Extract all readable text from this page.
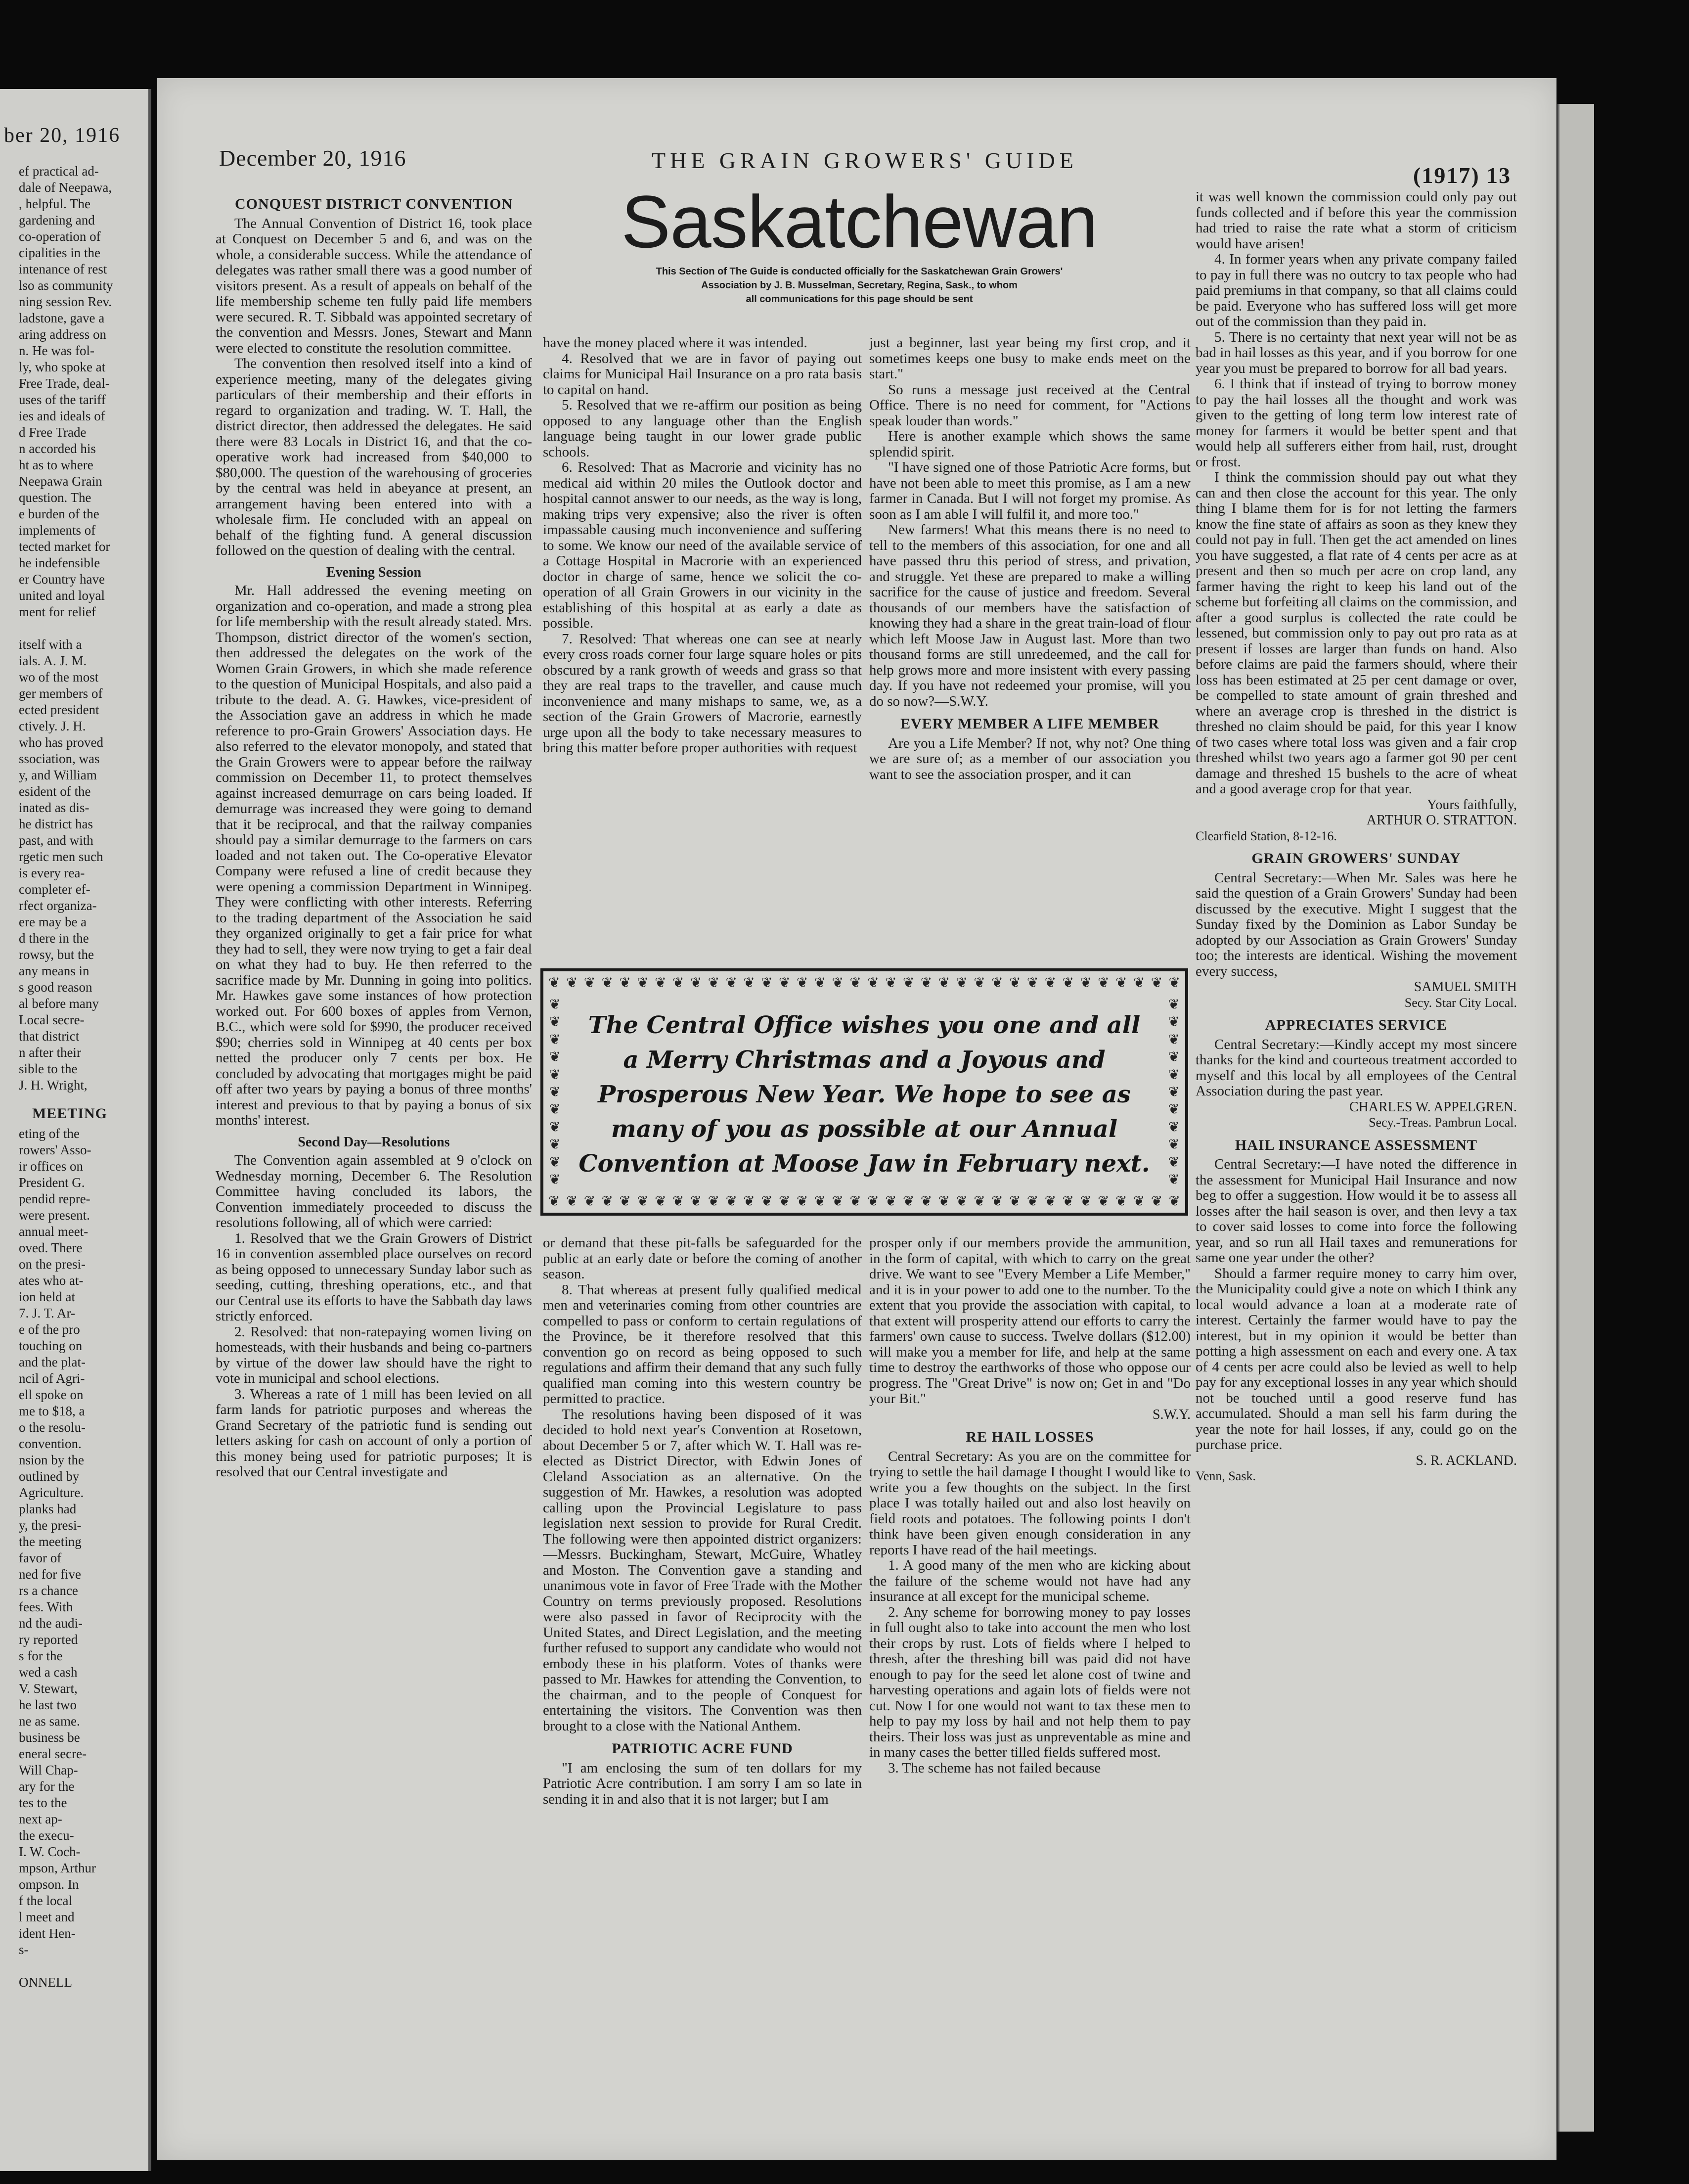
ber 20, 1916

ef practical ad-

dale of Neepawa,

, helpful. The

gardening and

co-operation of

cipalities in the

intenance of rest

lso as community

ning session Rev.

ladstone, gave a

aring address on

n. He was fol-

ly, who spoke at

Free Trade, deal-

uses of the tariff

ies and ideals of

d Free Trade

n accorded his

ht as to where

Neepawa Grain

question. The

e burden of the

implements of

tected market for

he indefensible

er Country have

united and loyal

ment for relief

itself with a

ials. A. J. M.

wo of the most

ger members of

ected president

ctively. J. H.

who has proved

ssociation, was

y, and William

esident of the

inated as dis-

he district has

past, and with

rgetic men such

is every rea-

completer ef-

rfect organiza-

ere may be a

d there in the

rowsy, but the

any means in

s good reason

al before many

Local secre-

that district

n after their

sible to the

J. H. Wright,

MEETING

eting of the

rowers' Asso-

ir offices on

President G.

pendid repre-

were present.

annual meet-

oved. There

on the presi-

ates who at-

ion held at

7. J. T. Ar-

e of the pro

touching on

and the plat-

ncil of Agri-

ell spoke on

me to $18, a

o the resolu-

convention.

nsion by the

outlined by

Agriculture.

planks had

y, the presi-

the meeting

favor of

ned for five

rs a chance

fees. With

nd the audi-

ry reported

s for the

wed a cash

V. Stewart,

he last two

ne as same.

business be

eneral secre-

Will Chap-

ary for the

tes to the

next ap-

the execu-

I. W. Coch-

mpson, Arthur

ompson. In

f the local

l meet and

ident Hen-

s-

ONNELL

December 20, 1916	THE GRAIN GROWERS' GUIDE
(1917) 13
Saskatchewan
This Section of The Guide is conducted officially for the Saskatchewan Grain Growers'
Association by J. B. Musselman, Secretary, Regina, Sask., to whom
all communications for this page should be sent

CONQUEST DISTRICT CONVENTION

The Annual Convention of District 16, took place at Conquest on December 5 and 6, and was on the whole, a considerable success. While the attendance of delegates was rather small there was a good number of visitors present. As a result of appeals on behalf of the life membership scheme ten fully paid life members were secured. R. T. Sibbald was appointed secretary of the convention and Messrs. Jones, Stewart and Mann were elected to constitute the resolution committee.

The convention then resolved itself into a kind of experience meeting, many of the delegates giving particulars of their membership and their efforts in regard to organization and trading. W. T. Hall, the district director, then addressed the delegates. He said there were 83 Locals in District 16, and that the co-operative work had increased from $40,000 to $80,000. The question of the warehousing of groceries by the central was held in abeyance at present, an arrangement having been entered into with a wholesale firm. He concluded with an appeal on behalf of the fighting fund. A general discussion followed on the question of dealing with the central.

Evening Session

Mr. Hall addressed the evening meeting on organization and co-operation, and made a strong plea for life membership with the result already stated. Mrs. Thompson, district director of the women's section, then addressed the delegates on the work of the Women Grain Growers, in which she made reference to the question of Municipal Hospitals, and also paid a tribute to the dead. A. G. Hawkes, vice-president of the Association gave an address in which he made reference to pro-Grain Growers' Association days. He also referred to the elevator monopoly, and stated that the Grain Growers were to appear before the railway commission on December 11, to protect themselves against increased demurrage on cars being loaded. If demurrage was increased they were going to demand that it be reciprocal, and that the railway companies should pay a similar demurrage to the farmers on cars loaded and not taken out. The Co-operative Elevator Company were refused a line of credit because they were opening a commission Department in Winnipeg. They were conflicting with other interests. Referring to the trading department of the Association he said they organized originally to get a fair price for what they had to sell, they were now trying to get a fair deal on what they had to buy. He then referred to the sacrifice made by Mr. Dunning in going into politics. Mr. Hawkes gave some instances of how protection worked out. For 600 boxes of apples from Vernon, B.C., which were sold for $990, the producer received $90; cherries sold in Winnipeg at 40 cents per box netted the producer only 7 cents per box. He concluded by advocating that mortgages might be paid off after two years by paying a bonus of three months' interest and previous to that by paying a bonus of six months' interest.

Second Day—Resolutions

The Convention again assembled at 9 o'clock on Wednesday morning, December 6. The Resolution Committee having concluded its labors, the Convention immediately proceeded to discuss the resolutions following, all of which were carried:

1. Resolved that we the Grain Growers of District 16 in convention assembled place ourselves on record as being opposed to unnecessary Sunday labor such as seeding, cutting, threshing operations, etc., and that our Central use its efforts to have the Sabbath day laws strictly enforced.

2. Resolved: that non-ratepaying women living on homesteads, with their husbands and being co-partners by virtue of the dower law should have the right to vote in municipal and school elections.

3. Whereas a rate of 1 mill has been levied on all farm lands for patriotic purposes and whereas the Grand Secretary of the patriotic fund is sending out letters asking for cash on account of only a portion of this money being used for patriotic purposes; It is resolved that our Central investigate and

have the money placed where it was intended.

4. Resolved that we are in favor of paying out claims for Municipal Hail Insurance on a pro rata basis to capital on hand.

5. Resolved that we re-affirm our position as being opposed to any language other than the English language being taught in our lower grade public schools.

6. Resolved: That as Macrorie and vicinity has no medical aid within 20 miles the Outlook doctor and hospital cannot answer to our needs, as the way is long, making trips very expensive; also the river is often impassable causing much inconvenience and suffering to some. We know our need of the available service of a Cottage Hospital in Macrorie with an experienced doctor in charge of same, hence we solicit the co-operation of all Grain Growers in our vicinity in the establishing of this hospital at as early a date as possible.

7. Resolved: That whereas one can see at nearly every cross roads corner four large square holes or pits obscured by a rank growth of weeds and grass so that they are real traps to the traveller, and cause much inconvenience and many mishaps to same, we, as a section of the Grain Growers of Macrorie, earnestly urge upon all the body to take necessary measures to bring this matter before proper authorities with request

just a beginner, last year being my first crop, and it sometimes keeps one busy to make ends meet on the start."

So runs a message just received at the Central Office. There is no need for comment, for "Actions speak louder than words."

Here is another example which shows the same splendid spirit.

"I have signed one of those Patriotic Acre forms, but have not been able to meet this promise, as I am a new farmer in Canada. But I will not forget my promise. As soon as I am able I will fulfil it, and more too."

New farmers! What this means there is no need to tell to the members of this association, for one and all have passed thru this period of stress, and privation, and struggle. Yet these are prepared to make a willing sacrifice for the cause of justice and freedom. Several thousands of our members have the satisfaction of knowing they had a share in the great train-load of flour which left Moose Jaw in August last. More than two thousand forms are still unredeemed, and the call for help grows more and more insistent with every passing day. If you have not redeemed your promise, will you do so now?—S.W.Y.

EVERY MEMBER A LIFE MEMBER

Are you a Life Member? If not, why not? One thing we are sure of; as a member of our association you want to see the association prosper, and it can

❦ ❦ ❦ ❦ ❦ ❦ ❦ ❦ ❦ ❦ ❦ ❦ ❦ ❦ ❦ ❦ ❦ ❦ ❦ ❦ ❦ ❦ ❦ ❦ ❦ ❦ ❦ ❦ ❦ ❦ ❦ ❦ ❦ ❦ ❦ ❦
❦ ❦ ❦ ❦ ❦ ❦ ❦ ❦ ❦ ❦ ❦ ❦ ❦ ❦ ❦ ❦ ❦ ❦ ❦ ❦ ❦ ❦ ❦ ❦ ❦ ❦ ❦ ❦ ❦ ❦ ❦ ❦ ❦ ❦ ❦ ❦
❦
❦
❦
❦
❦
❦
❦
❦
❦
❦
❦
❦
❦
❦
❦
❦
❦
❦
❦
❦
❦
❦
The Central Office wishes you one and all a Merry Christmas and a Joyous and Prosperous New Year. We hope to see as many of you as possible at our Annual Convention at Moose Jaw in February next.

or demand that these pit-falls be safeguarded for the public at an early date or before the coming of another season.

8. That whereas at present fully qualified medical men and veterinaries coming from other countries are compelled to pass or conform to certain regulations of the Province, be it therefore resolved that this convention go on record as being opposed to such regulations and affirm their demand that any such fully qualified man coming into this western country be permitted to practice.

The resolutions having been disposed of it was decided to hold next year's Convention at Rosetown, about December 5 or 7, after which W. T. Hall was re-elected as District Director, with Edwin Jones of Cleland Association as an alternative. On the suggestion of Mr. Hawkes, a resolution was adopted calling upon the Provincial Legislature to pass legislation next session to provide for Rural Credit. The following were then appointed district organizers:—Messrs. Buckingham, Stewart, McGuire, Whatley and Moston. The Convention gave a standing and unanimous vote in favor of Free Trade with the Mother Country on terms previously proposed. Resolutions were also passed in favor of Reciprocity with the United States, and Direct Legislation, and the meeting further refused to support any candidate who would not embody these in his platform. Votes of thanks were passed to Mr. Hawkes for attending the Convention, to the chairman, and to the people of Conquest for entertaining the visitors. The Convention was then brought to a close with the National Anthem.

PATRIOTIC ACRE FUND

"I am enclosing the sum of ten dollars for my Patriotic Acre contribution. I am sorry I am so late in sending it in and also that it is not larger; but I am

prosper only if our members provide the ammunition, in the form of capital, with which to carry on the great drive. We want to see "Every Member a Life Member," and it is in your power to add one to the number. To the extent that you provide the association with capital, to that extent will prosperity attend our efforts to carry the farmers' own cause to success. Twelve dollars ($12.00) will make you a member for life, and help at the same time to destroy the earthworks of those who oppose our progress. The "Great Drive" is now on; Get in and "Do your Bit."

S.W.Y.

RE HAIL LOSSES

Central Secretary: As you are on the committee for trying to settle the hail damage I thought I would like to write you a few thoughts on the subject. In the first place I was totally hailed out and also lost heavily on field roots and potatoes. The following points I don't think have been given enough consideration in any reports I have read of the hail meetings.

1. A good many of the men who are kicking about the failure of the scheme would not have had any insurance at all except for the municipal scheme.

2. Any scheme for borrowing money to pay losses in full ought also to take into account the men who lost their crops by rust. Lots of fields where I helped to thresh, after the threshing bill was paid did not have enough to pay for the seed let alone cost of twine and harvesting operations and again lots of fields were not cut. Now I for one would not want to tax these men to help to pay my loss by hail and not help them to pay theirs. Their loss was just as unpreventable as mine and in many cases the better tilled fields suffered most.

3. The scheme has not failed because

it was well known the commission could only pay out funds collected and if before this year the commission had tried to raise the rate what a storm of criticism would have arisen!

4. In former years when any private company failed to pay in full there was no outcry to tax people who had paid premiums in that company, so that all claims could be paid. Everyone who has suffered loss will get more out of the commission than they paid in.

5. There is no certainty that next year will not be as bad in hail losses as this year, and if you borrow for one year you must be prepared to borrow for all bad years.

6. I think that if instead of trying to borrow money to pay the hail losses all the thought and work was given to the getting of long term low interest rate of money for farmers it would be better spent and that would help all sufferers either from hail, rust, drought or frost.

I think the commission should pay out what they can and then close the account for this year. The only thing I blame them for is for not letting the farmers know the fine state of affairs as soon as they knew they could not pay in full. Then get the act amended on lines you have suggested, a flat rate of 4 cents per acre as at present and then so much per acre on crop land, any farmer having the right to keep his land out of the scheme but forfeiting all claims on the commission, and after a good surplus is collected the rate could be lessened, but commission only to pay out pro rata as at present if losses are larger than funds on hand. Also before claims are paid the farmers should, where their loss has been estimated at 25 per cent damage or over, be compelled to state amount of grain threshed and where an average crop is threshed in the district is threshed no claim should be paid, for this year I know of two cases where total loss was given and a fair crop threshed whilst two years ago a farmer got 90 per cent damage and threshed 15 bushels to the acre of wheat and a good average crop for that year.

Yours faithfully,

ARTHUR O. STRATTON.

Clearfield Station, 8-12-16.

GRAIN GROWERS' SUNDAY

Central Secretary:—When Mr. Sales was here he said the question of a Grain Growers' Sunday had been discussed by the executive. Might I suggest that the Sunday fixed by the Dominion as Labor Sunday be adopted by our Association as Grain Growers' Sunday too; the interests are identical. Wishing the movement every success,

SAMUEL SMITH

Secy. Star City Local.

APPRECIATES SERVICE

Central Secretary:—Kindly accept my most sincere thanks for the kind and courteous treatment accorded to myself and this local by all employees of the Central Association during the past year.

CHARLES W. APPELGREN.

Secy.-Treas. Pambrun Local.

HAIL INSURANCE ASSESSMENT

Central Secretary:—I have noted the difference in the assessment for Municipal Hail Insurance and now beg to offer a suggestion. How would it be to assess all losses after the hail season is over, and then levy a tax to cover said losses to come into force the following year, and so run all Hail taxes and remunerations for same one year under the other?

Should a farmer require money to carry him over, the Municipality could give a note on which I think any local would advance a loan at a moderate rate of interest. Certainly the farmer would have to pay the interest, but in my opinion it would be better than potting a high assessment on each and every one. A tax of 4 cents per acre could also be levied as well to help pay for any exceptional losses in any year which should not be touched until a good reserve fund has accumulated. Should a man sell his farm during the year the note for hail losses, if any, could go on the purchase price.

S. R. ACKLAND.

Venn, Sask.
